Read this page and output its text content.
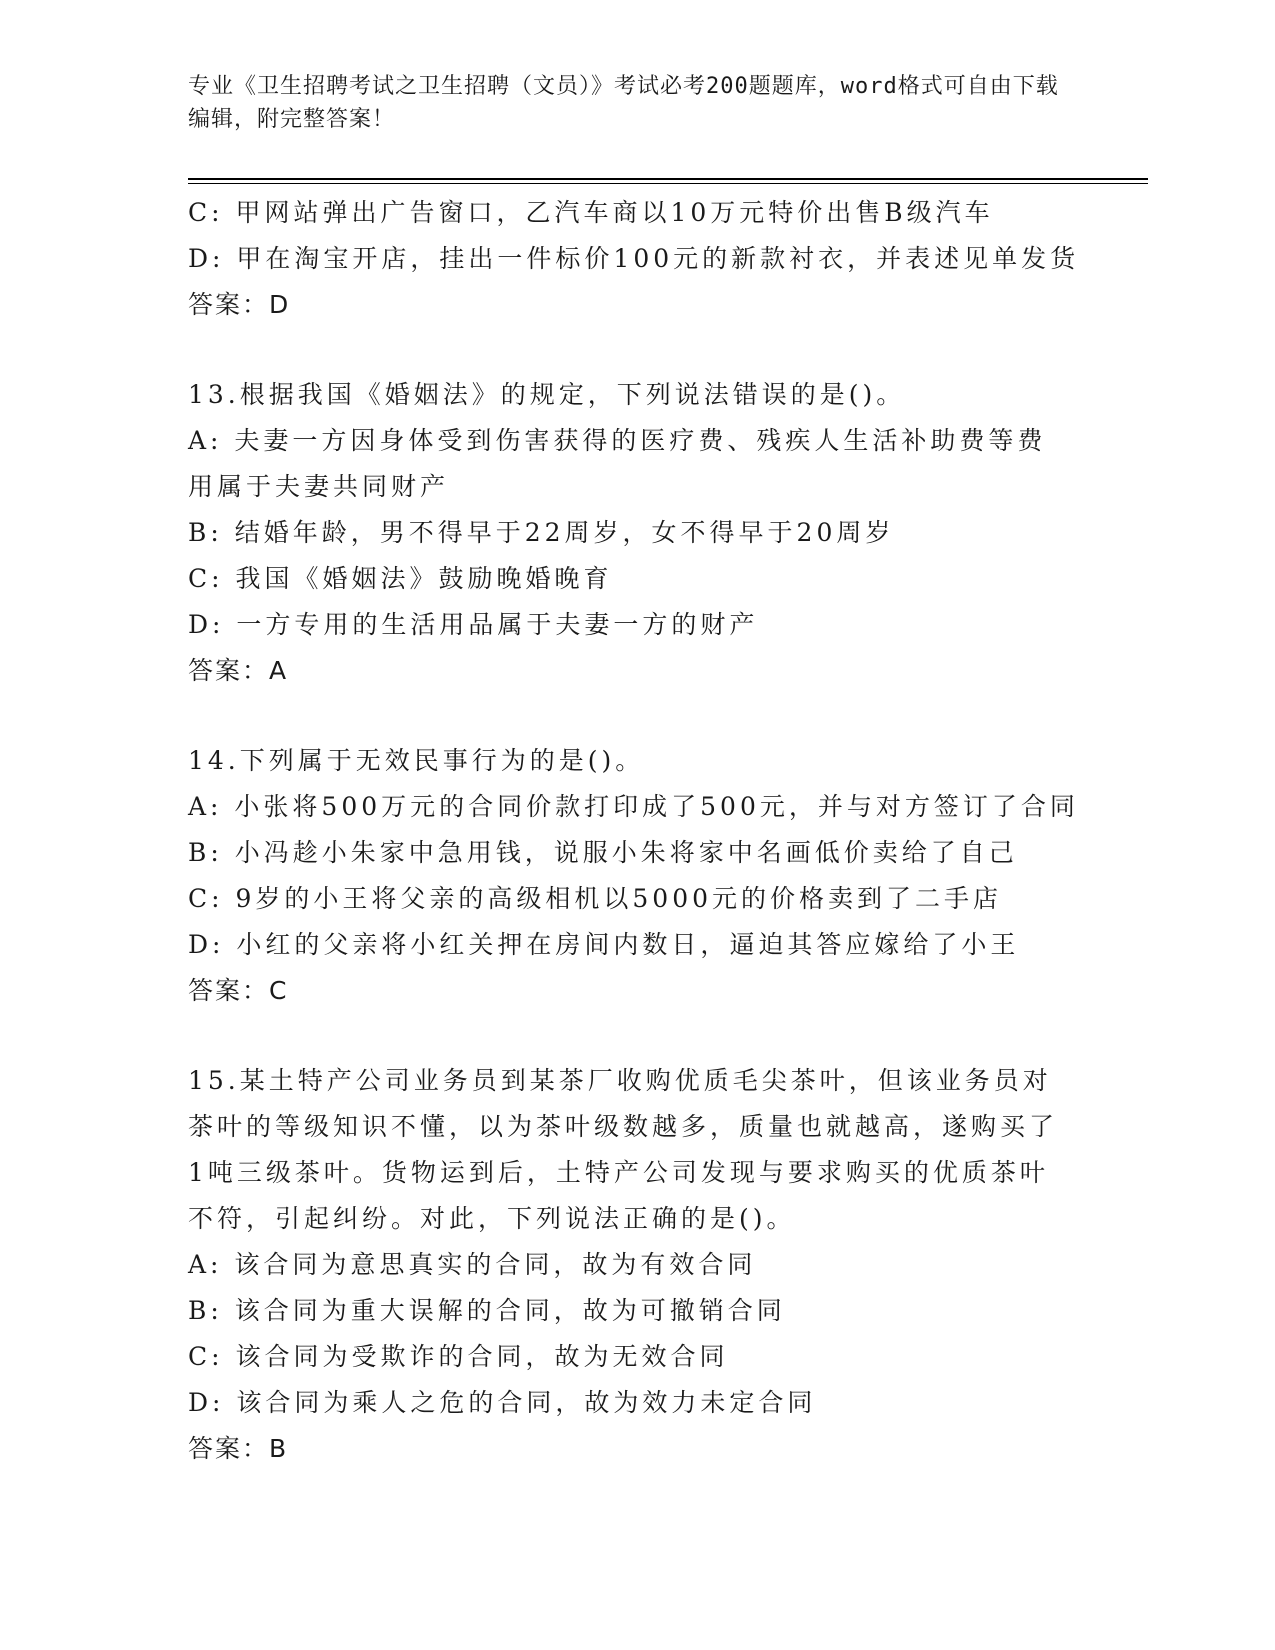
专业《卫生招聘考试之卫生招聘（文员）》考试必考200题题库，word格式可自由下载编辑，附完整答案！
C: 甲网站弹出广告窗口，乙汽车商以10万元特价出售B级汽车
D: 甲在淘宝开店，挂出一件标价100元的新款衬衣，并表述见单发货
答案：D
13.根据我国《婚姻法》的规定，下列说法错误的是()。
A: 夫妻一方因身体受到伤害获得的医疗费、残疾人生活补助费等费用属于夫妻共同财产
B: 结婚年龄，男不得早于22周岁，女不得早于20周岁
C: 我国《婚姻法》鼓励晚婚晚育
D: 一方专用的生活用品属于夫妻一方的财产
答案：A
14.下列属于无效民事行为的是()。
A: 小张将500万元的合同价款打印成了500元，并与对方签订了合同
B: 小冯趁小朱家中急用钱，说服小朱将家中名画低价卖给了自己
C: 9岁的小王将父亲的高级相机以5000元的价格卖到了二手店
D: 小红的父亲将小红关押在房间内数日，逼迫其答应嫁给了小王
答案：C
15.某土特产公司业务员到某茶厂收购优质毛尖茶叶，但该业务员对茶叶的等级知识不懂，以为茶叶级数越多，质量也就越高，遂购买了1吨三级茶叶。货物运到后，土特产公司发现与要求购买的优质茶叶不符，引起纠纷。对此，下列说法正确的是()。
A: 该合同为意思真实的合同，故为有效合同
B: 该合同为重大误解的合同，故为可撤销合同
C: 该合同为受欺诈的合同，故为无效合同
D: 该合同为乘人之危的合同，故为效力未定合同
答案：B
